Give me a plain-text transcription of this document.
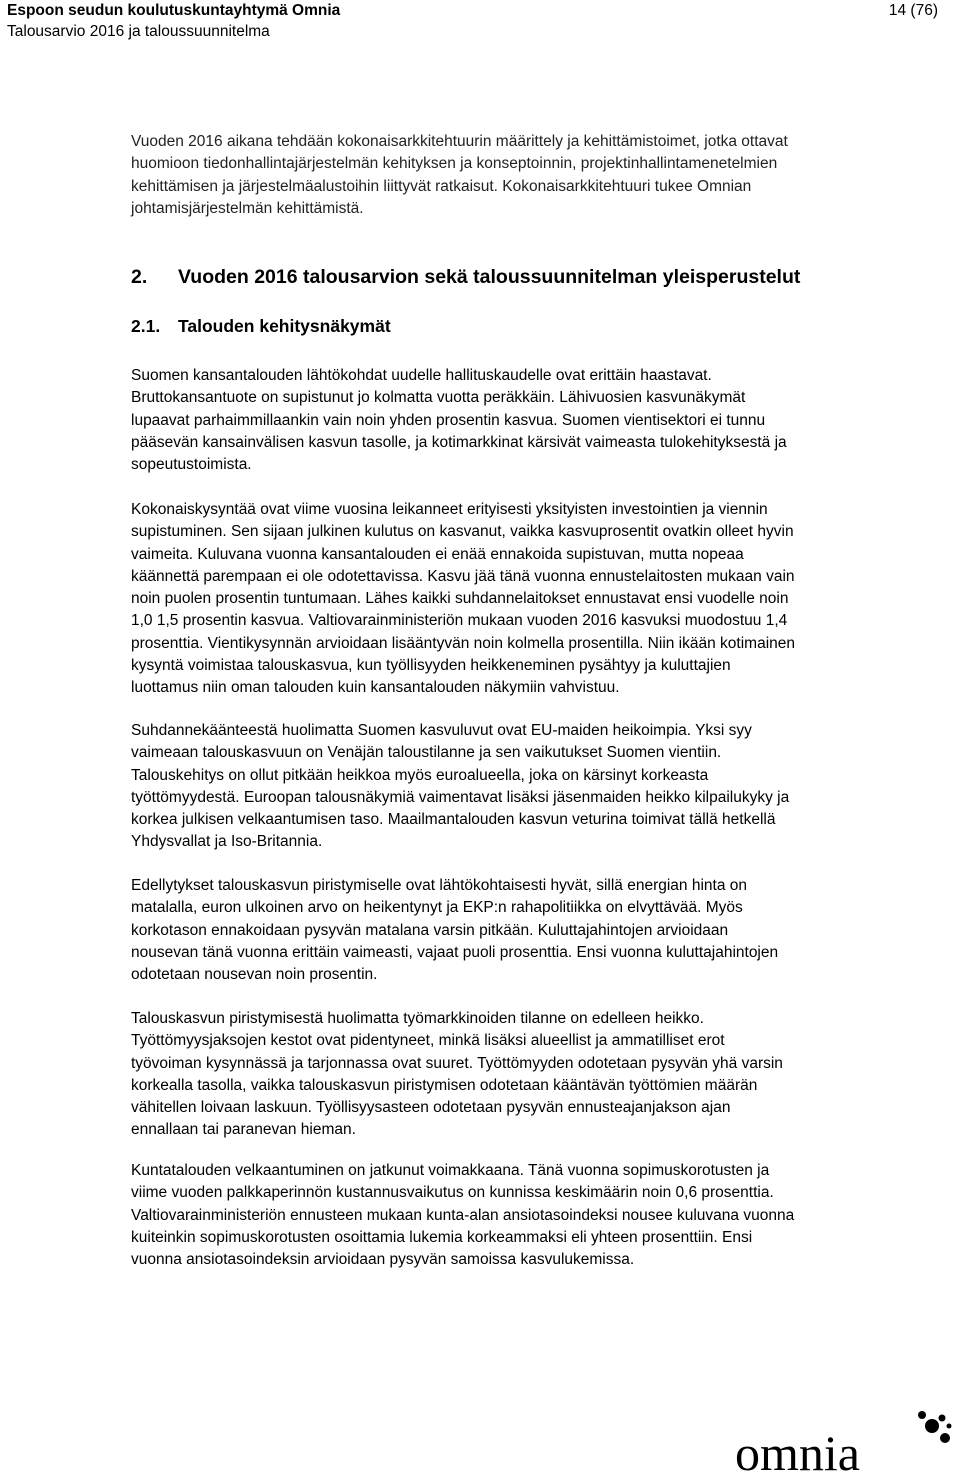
Espoon seudun koulutuskuntayhtymä Omnia
Talousarvio 2016 ja taloussuunnitelma
14 (76)
Vuoden 2016 aikana tehdään kokonaisarkkitehtuurin määrittely ja kehittämistoimet, jotka ottavat
huomioon tiedonhallintajärjestelmän kehityksen ja konseptoinnin, projektinhallintamenetelmien
kehittämisen ja järjestelmäalustoihin liittyvät ratkaisut. Kokonaisarkkitehtuuri tukee Omnian
johtamisjärjestelmän kehittämistä.
2. Vuoden 2016 talousarvion sekä taloussuunnitelman yleisperustelut
2.1. Talouden kehitysnäkymät
Suomen kansantalouden lähtökohdat uudelle hallituskaudelle ovat erittäin haastavat.
Bruttokansantuote on supistunut jo kolmatta vuotta peräkkäin. Lähivuosien kasvunäkymät
lupaavat parhaimmillaankin vain noin yhden prosentin kasvua. Suomen vientisektori ei tunnu
pääsevän kansainvälisen kasvun tasolle, ja kotimarkkinat kärsivät vaimeasta tulokehityksestä ja
sopeutustoimista.
Kokonaiskysyntää ovat viime vuosina leikanneet erityisesti yksityisten investointien ja viennin
supistuminen. Sen sijaan julkinen kulutus on kasvanut, vaikka kasvuprosentit ovatkin olleet hyvin
vaimeita. Kuluvana vuonna kansantalouden ei enää ennakoida supistuvan, mutta nopeaa
käännettä parempaan ei ole odotettavissa. Kasvu jää tänä vuonna ennustelaitosten mukaan vain
noin puolen prosentin tuntumaan. Lähes kaikki suhdannelaitokset ennustavat ensi vuodelle noin
1,0 1,5 prosentin kasvua. Valtiovarainministeriön mukaan vuoden 2016 kasvuksi muodostuu 1,4
prosenttia. Vientikysynnän arvioidaan lisääntyvän noin kolmella prosentilla. Niin ikään kotimainen
kysyntä voimistaa talouskasvua, kun työllisyyden heikkeneminen pysähtyy ja kuluttajien
luottamus niin oman talouden kuin kansantalouden näkymiin vahvistuu.
Suhdannekäänteestä huolimatta Suomen kasvuluvut ovat EU-maiden heikoimpia. Yksi syy
vaimeaan talouskasvuun on Venäjän taloustilanne ja sen vaikutukset Suomen vientiin.
Talouskehitys on ollut pitkään heikkoa myös euroalueella, joka on kärsinyt korkeasta
työttömyydestä. Euroopan talousnäkymiä vaimentavat lisäksi jäsenmaiden heikko kilpailukyky ja
korkea julkisen velkaantumisen taso. Maailmantalouden kasvun veturina toimivat tällä hetkellä
Yhdysvallat ja Iso-Britannia.
Edellytykset talouskasvun piristymiselle ovat lähtökohtaisesti hyvät, sillä energian hinta on
matalalla, euron ulkoinen arvo on heikentynyt ja EKP:n rahapolitiikka on elvyttävää. Myös
korkotason ennakoidaan pysyvän matalana varsin pitkään. Kuluttajahintojen arvioidaan
nousevan tänä vuonna erittäin vaimeasti, vajaat puoli prosenttia. Ensi vuonna kuluttajahintojen
odotetaan nousevan noin prosentin.
Talouskasvun piristymisestä huolimatta työmarkkinoiden tilanne on edelleen heikko.
Työttömyysjaksojen kestot ovat pidentyneet, minkä lisäksi alueellist ja ammatilliset erot
työvoiman kysynnässä ja tarjonnassa ovat suuret. Työttömyyden odotetaan pysyvän yhä varsin
korkealla tasolla, vaikka talouskasvun piristymisen odotetaan kääntävän työttömien määrän
vähitellen loivaan laskuun. Työllisyysasteen odotetaan pysyvän ennusteajanjakson ajan
ennallaan tai paranevan hieman.
Kuntatalouden velkaantuminen on jatkunut voimakkaana. Tänä vuonna sopimuskorotusten ja
viime vuoden palkkaperinnön kustannusvaikutus on kunnissa keskimäärin noin 0,6 prosenttia.
Valtiovarainministeriön ennusteen mukaan kunta-alan ansiotasoindeksi nousee kuluvana vuonna
kuiteinkin sopimuskorotusten osoittamia lukemia korkeammaksi eli yhteen prosenttiin. Ensi
vuonna ansiotasoindeksin arvioidaan pysyvän samoissa kasvulukemissa.
omnia
